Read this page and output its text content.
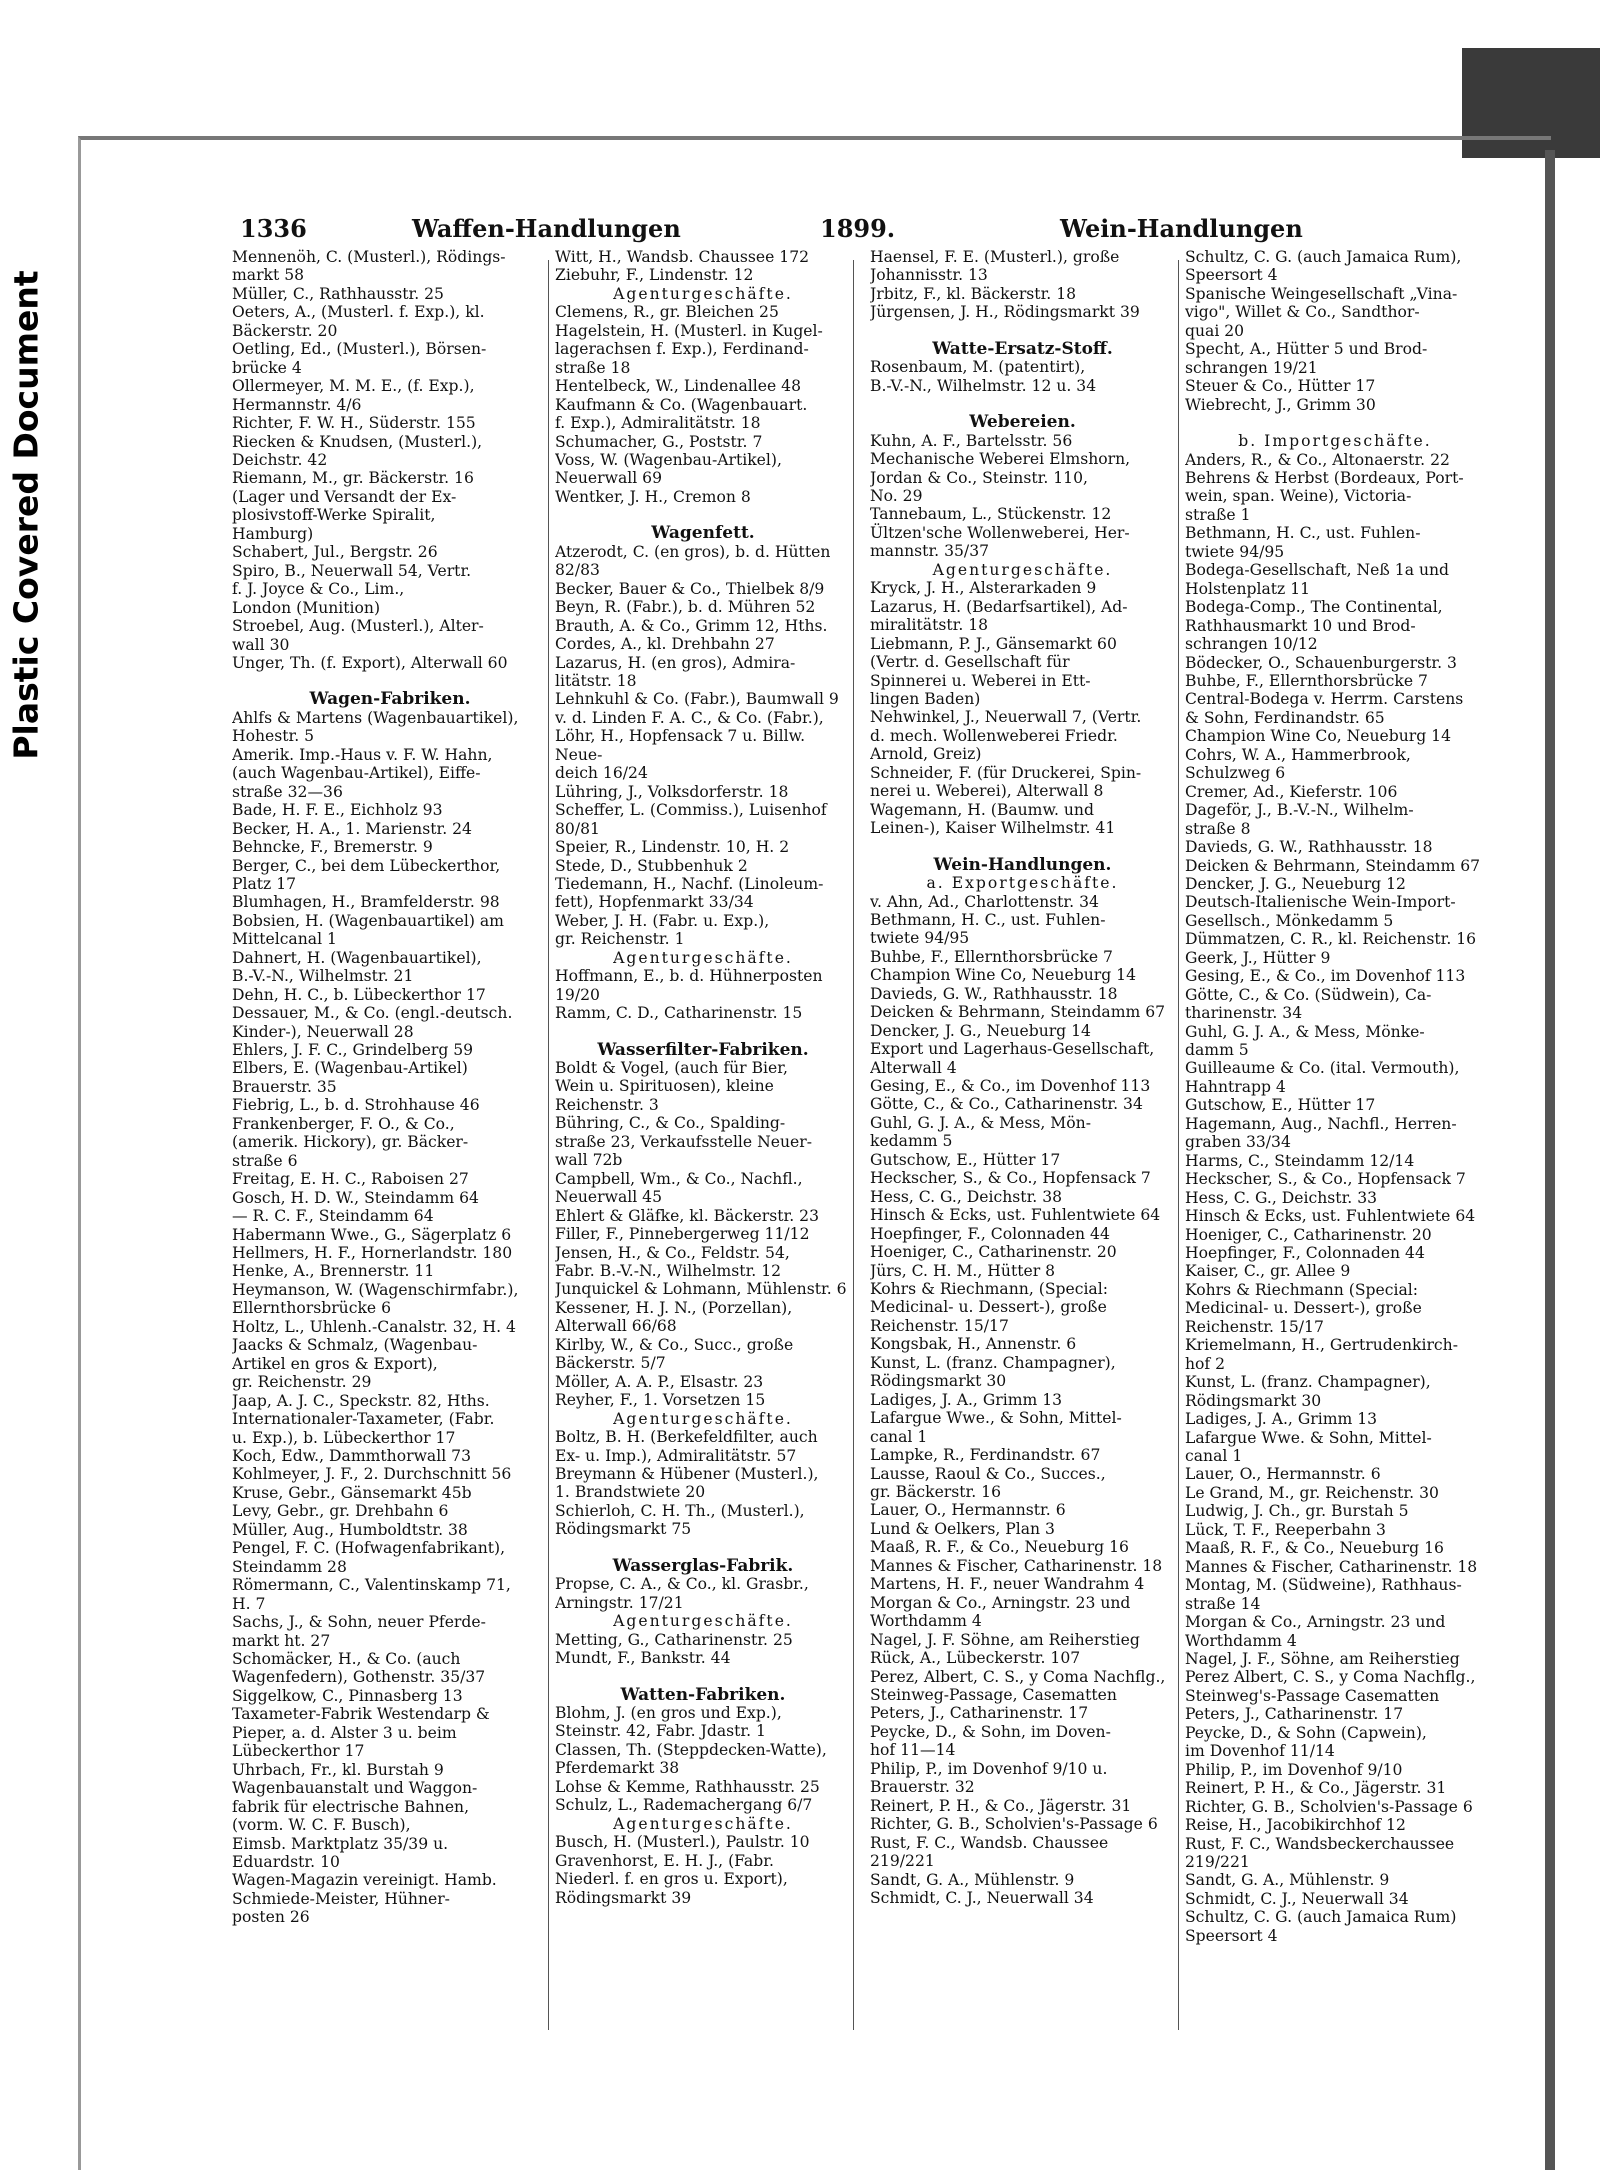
Plastic Covered Document
1336	Waffen-Handlungen	1899.	Wein-Handlungen
Mennenöh, C. (Musterl.), Rödings-
markt 58
Müller, C., Rathhausstr. 25
Oeters, A., (Musterl. f. Exp.), kl.
Bäckerstr. 20
Oetling, Ed., (Musterl.), Börsen-
brücke 4
Ollermeyer, M. M. E., (f. Exp.),
Hermannstr. 4/6
Richter, F. W. H., Süderstr. 155
Riecken & Knudsen, (Musterl.),
Deichstr. 42
Riemann, M., gr. Bäckerstr. 16
(Lager und Versandt der Ex-
plosivstoff-Werke Spiralit,
Hamburg)
Schabert, Jul., Bergstr. 26
Spiro, B., Neuerwall 54, Vertr.
f. J. Joyce & Co., Lim.,
London (Munition)
Stroebel, Aug. (Musterl.), Alter-
wall 30
Unger, Th. (f. Export), Alterwall 60
Wagen-Fabriken.
Ahlfs & Martens (Wagenbauartikel),
Hohestr. 5
Amerik. Imp.-Haus v. F. W. Hahn,
(auch Wagenbau-Artikel), Eiffe-
straße 32—36
Bade, H. F. E., Eichholz 93
Becker, H. A., 1. Marienstr. 24
Behncke, F., Bremerstr. 9
Berger, C., bei dem Lübeckerthor,
Platz 17
Blumhagen, H., Bramfelderstr. 98
Bobsien, H. (Wagenbauartikel) am
Mittelcanal 1
Dahnert, H. (Wagenbauartikel),
B.-V.-N., Wilhelmstr. 21
Dehn, H. C., b. Lübeckerthor 17
Dessauer, M., & Co. (engl.-deutsch.
Kinder-), Neuerwall 28
Ehlers, J. F. C., Grindelberg 59
Elbers, E. (Wagenbau-Artikel)
Brauerstr. 35
Fiebrig, L., b. d. Strohhause 46
Frankenberger, F. O., & Co.,
(amerik. Hickory), gr. Bäcker-
straße 6
Freitag, E. H. C., Raboisen 27
Gosch, H. D. W., Steindamm 64
— R. C. F., Steindamm 64
Habermann Wwe., G., Sägerplatz 6
Hellmers, H. F., Hornerlandstr. 180
Henke, A., Brennerstr. 11
Heymanson, W. (Wagenschirmfabr.),
Ellernthorsbrücke 6
Holtz, L., Uhlenh.-Canalstr. 32, H. 4
Jaacks & Schmalz, (Wagenbau-
Artikel en gros & Export),
gr. Reichenstr. 29
Jaap, A. J. C., Speckstr. 82, Hths.
Internationaler-Taxameter, (Fabr.
u. Exp.), b. Lübeckerthor 17
Koch, Edw., Dammthorwall 73
Kohlmeyer, J. F., 2. Durchschnitt 56
Kruse, Gebr., Gänsemarkt 45b
Levy, Gebr., gr. Drehbahn 6
Müller, Aug., Humboldtstr. 38
Pengel, F. C. (Hofwagenfabrikant),
Steindamm 28
Römermann, C., Valentinskamp 71,
H. 7
Sachs, J., & Sohn, neuer Pferde-
markt ht. 27
Schomäcker, H., & Co. (auch
Wagenfedern), Gothenstr. 35/37
Siggelkow, C., Pinnasberg 13
Taxameter-Fabrik Westendarp &
Pieper, a. d. Alster 3 u. beim
Lübeckerthor 17
Uhrbach, Fr., kl. Burstah 9
Wagenbauanstalt und Waggon-
fabrik für electrische Bahnen,
(vorm. W. C. F. Busch),
Eimsb. Marktplatz 35/39 u.
Eduardstr. 10
Wagen-Magazin vereinigt. Hamb.
Schmiede-Meister, Hühner-
posten 26
Witt, H., Wandsb. Chaussee 172
Ziebuhr, F., Lindenstr. 12
Agenturgeschäfte.
Clemens, R., gr. Bleichen 25
Hagelstein, H. (Musterl. in Kugel-
lagerachsen f. Exp.), Ferdinand-
straße 18
Hentelbeck, W., Lindenallee 48
Kaufmann & Co. (Wagenbauart.
f. Exp.), Admiralitätstr. 18
Schumacher, G., Poststr. 7
Voss, W. (Wagenbau-Artikel),
Neuerwall 69
Wentker, J. H., Cremon 8
Wagenfett.
Atzerodt, C. (en gros), b. d. Hütten
82/83
Becker, Bauer & Co., Thielbek 8/9
Beyn, R. (Fabr.), b. d. Mühren 52
Brauth, A. & Co., Grimm 12, Hths.
Cordes, A., kl. Drehbahn 27
Lazarus, H. (en gros), Admira-
litätstr. 18
Lehnkuhl & Co. (Fabr.), Baumwall 9
v. d. Linden F. A. C., & Co. (Fabr.),
Löhr, H., Hopfensack 7 u. Billw.
Neue-
deich 16/24
Lühring, J., Volksdorferstr. 18
Scheffer, L. (Commiss.), Luisenhof
80/81
Speier, R., Lindenstr. 10, H. 2
Stede, D., Stubbenhuk 2
Tiedemann, H., Nachf. (Linoleum-
fett), Hopfenmarkt 33/34
Weber, J. H. (Fabr. u. Exp.),
gr. Reichenstr. 1
Agenturgeschäfte.
Hoffmann, E., b. d. Hühnerposten
19/20
Ramm, C. D., Catharinenstr. 15
Wasserfilter-Fabriken.
Boldt & Vogel, (auch für Bier,
Wein u. Spirituosen), kleine
Reichenstr. 3
Bühring, C., & Co., Spalding-
straße 23, Verkaufsstelle Neuer-
wall 72b
Campbell, Wm., & Co., Nachfl.,
Neuerwall 45
Ehlert & Gläfke, kl. Bäckerstr. 23
Filler, F., Pinnebergerweg 11/12
Jensen, H., & Co., Feldstr. 54,
Fabr. B.-V.-N., Wilhelmstr. 12
Junquickel & Lohmann, Mühlenstr. 6
Kessener, H. J. N., (Porzellan),
Alterwall 66/68
Kirlby, W., & Co., Succ., große
Bäckerstr. 5/7
Möller, A. A. P., Elsastr. 23
Reyher, F., 1. Vorsetzen 15
Agenturgeschäfte.
Boltz, B. H. (Berkefeldfilter, auch
Ex- u. Imp.), Admiralitätstr. 57
Breymann & Hübener (Musterl.),
1. Brandstwiete 20
Schierloh, C. H. Th., (Musterl.),
Rödingsmarkt 75
Wasserglas-Fabrik.
Propse, C. A., & Co., kl. Grasbr.,
Arningstr. 17/21
Agenturgeschäfte.
Metting, G., Catharinenstr. 25
Mundt, F., Bankstr. 44
Watten-Fabriken.
Blohm, J. (en gros und Exp.),
Steinstr. 42, Fabr. Jdastr. 1
Classen, Th. (Steppdecken-Watte),
Pferdemarkt 38
Lohse & Kemme, Rathhausstr. 25
Schulz, L., Rademachergang 6/7
Agenturgeschäfte.
Busch, H. (Musterl.), Paulstr. 10
Gravenhorst, E. H. J., (Fabr.
Niederl. f. en gros u. Export),
Rödingsmarkt 39
Haensel, F. E. (Musterl.), große
Johannisstr. 13
Jrbitz, F., kl. Bäckerstr. 18
Jürgensen, J. H., Rödingsmarkt 39
Watte-Ersatz-Stoff.
Rosenbaum, M. (patentirt),
B.-V.-N., Wilhelmstr. 12 u. 34
Webereien.
Kuhn, A. F., Bartelsstr. 56
Mechanische Weberei Elmshorn,
Jordan & Co., Steinstr. 110,
No. 29
Tannebaum, L., Stückenstr. 12
Ültzen'sche Wollenweberei, Her-
mannstr. 35/37
Agenturgeschäfte.
Kryck, J. H., Alsterarkaden 9
Lazarus, H. (Bedarfsartikel), Ad-
miralitätstr. 18
Liebmann, P. J., Gänsemarkt 60
(Vertr. d. Gesellschaft für
Spinnerei u. Weberei in Ett-
lingen Baden)
Nehwinkel, J., Neuerwall 7, (Vertr.
d. mech. Wollenweberei Friedr.
Arnold, Greiz)
Schneider, F. (für Druckerei, Spin-
nerei u. Weberei), Alterwall 8
Wagemann, H. (Baumw. und
Leinen-), Kaiser Wilhelmstr. 41
Wein-Handlungen.
a. Exportgeschäfte.
v. Ahn, Ad., Charlottenstr. 34
Bethmann, H. C., ust. Fuhlen-
twiete 94/95
Buhbe, F., Ellernthorsbrücke 7
Champion Wine Co, Neueburg 14
Davieds, G. W., Rathhausstr. 18
Deicken & Behrmann, Steindamm 67
Dencker, J. G., Neueburg 14
Export und Lagerhaus-Gesellschaft,
Alterwall 4
Gesing, E., & Co., im Dovenhof 113
Götte, C., & Co., Catharinenstr. 34
Guhl, G. J. A., & Mess, Mön-
kedamm 5
Gutschow, E., Hütter 17
Heckscher, S., & Co., Hopfensack 7
Hess, C. G., Deichstr. 38
Hinsch & Ecks, ust. Fuhlentwiete 64
Hoepfinger, F., Colonnaden 44
Hoeniger, C., Catharinenstr. 20
Jürs, C. H. M., Hütter 8
Kohrs & Riechmann, (Special:
Medicinal- u. Dessert-), große
Reichenstr. 15/17
Kongsbak, H., Annenstr. 6
Kunst, L. (franz. Champagner),
Rödingsmarkt 30
Ladiges, J. A., Grimm 13
Lafargue Wwe., & Sohn, Mittel-
canal 1
Lampke, R., Ferdinandstr. 67
Lausse, Raoul & Co., Succes.,
gr. Bäckerstr. 16
Lauer, O., Hermannstr. 6
Lund & Oelkers, Plan 3
Maaß, R. F., & Co., Neueburg 16
Mannes & Fischer, Catharinenstr. 18
Martens, H. F., neuer Wandrahm 4
Morgan & Co., Arningstr. 23 und
Worthdamm 4
Nagel, J. F. Söhne, am Reiherstieg
Rück, A., Lübeckerstr. 107
Perez, Albert, C. S., y Coma Nachflg.,
Steinweg-Passage, Casematten
Peters, J., Catharinenstr. 17
Peycke, D., & Sohn, im Doven-
hof 11—14
Philip, P., im Dovenhof 9/10 u.
Brauerstr. 32
Reinert, P. H., & Co., Jägerstr. 31
Richter, G. B., Scholvien's-Passage 6
Rust, F. C., Wandsb. Chaussee
219/221
Sandt, G. A., Mühlenstr. 9
Schmidt, C. J., Neuerwall 34
Schultz, C. G. (auch Jamaica Rum),
Speersort 4
Spanische Weingesellschaft „Vina-
vigo", Willet & Co., Sandthor-
quai 20
Specht, A., Hütter 5 und Brod-
schrangen 19/21
Steuer & Co., Hütter 17
Wiebrecht, J., Grimm 30
b. Importgeschäfte.
Anders, R., & Co., Altonaerstr. 22
Behrens & Herbst (Bordeaux, Port-
wein, span. Weine), Victoria-
straße 1
Bethmann, H. C., ust. Fuhlen-
twiete 94/95
Bodega-Gesellschaft, Neß 1a und
Holstenplatz 11
Bodega-Comp., The Continental,
Rathhausmarkt 10 und Brod-
schrangen 10/12
Bödecker, O., Schauenburgerstr. 3
Buhbe, F., Ellernthorsbrücke 7
Central-Bodega v. Herrm. Carstens
& Sohn, Ferdinandstr. 65
Champion Wine Co, Neueburg 14
Cohrs, W. A., Hammerbrook,
Schulzweg 6
Cremer, Ad., Kieferstr. 106
Dageför, J., B.-V.-N., Wilhelm-
straße 8
Davieds, G. W., Rathhausstr. 18
Deicken & Behrmann, Steindamm 67
Dencker, J. G., Neueburg 12
Deutsch-Italienische Wein-Import-
Gesellsch., Mönkedamm 5
Dümmatzen, C. R., kl. Reichenstr. 16
Geerk, J., Hütter 9
Gesing, E., & Co., im Dovenhof 113
Götte, C., & Co. (Südwein), Ca-
tharinenstr. 34
Guhl, G. J. A., & Mess, Mönke-
damm 5
Guilleaume & Co. (ital. Vermouth),
Hahntrapp 4
Gutschow, E., Hütter 17
Hagemann, Aug., Nachfl., Herren-
graben 33/34
Harms, C., Steindamm 12/14
Heckscher, S., & Co., Hopfensack 7
Hess, C. G., Deichstr. 33
Hinsch & Ecks, ust. Fuhlentwiete 64
Hoeniger, C., Catharinenstr. 20
Hoepfinger, F., Colonnaden 44
Kaiser, C., gr. Allee 9
Kohrs & Riechmann (Special:
Medicinal- u. Dessert-), große
Reichenstr. 15/17
Kriemelmann, H., Gertrudenkirch-
hof 2
Kunst, L. (franz. Champagner),
Rödingsmarkt 30
Ladiges, J. A., Grimm 13
Lafargue Wwe. & Sohn, Mittel-
canal 1
Lauer, O., Hermannstr. 6
Le Grand, M., gr. Reichenstr. 30
Ludwig, J. Ch., gr. Burstah 5
Lück, T. F., Reeperbahn 3
Maaß, R. F., & Co., Neueburg 16
Mannes & Fischer, Catharinenstr. 18
Montag, M. (Südweine), Rathhaus-
straße 14
Morgan & Co., Arningstr. 23 und
Worthdamm 4
Nagel, J. F., Söhne, am Reiherstieg
Perez Albert, C. S., y Coma Nachflg.,
Steinweg's-Passage Casematten
Peters, J., Catharinenstr. 17
Peycke, D., & Sohn (Capwein),
im Dovenhof 11/14
Philip, P., im Dovenhof 9/10
Reinert, P. H., & Co., Jägerstr. 31
Richter, G. B., Scholvien's-Passage 6
Reise, H., Jacobikirchhof 12
Rust, F. C., Wandsbeckerchaussee
219/221
Sandt, G. A., Mühlenstr. 9
Schmidt, C. J., Neuerwall 34
Schultz, C. G. (auch Jamaica Rum)
Speersort 4
